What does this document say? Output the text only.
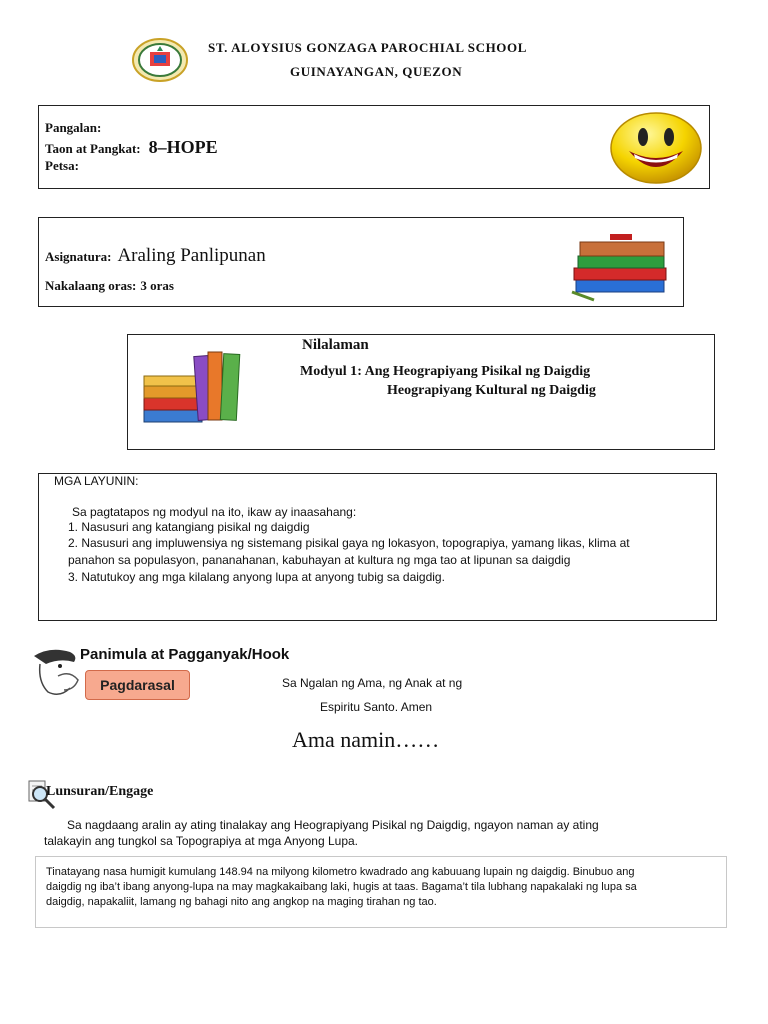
ST. ALOYSIUS GONZAGA PAROCHIAL SCHOOL
GUINAYANGAN, QUEZON
Pangalan:
Taon at Pangkat: 8–HOPE
Petsa:
Asignatura: Araling Panlipunan
Nakalaang oras: 3 oras
Nilalaman
Modyul 1: Ang Heograpiyang Pisikal ng Daigdig
Heograpiyang Kultural ng Daigdig
MGA LAYUNIN:
Sa pagtatapos ng modyul na ito, ikaw ay inaasahang:
1. Nasusuri ang katangiang pisikal ng daigdig
2. Nasusuri ang impluwensiya ng sistemang pisikal gaya ng lokasyon, topograpiya, yamang likas, klima at
panahon sa populasyon, pananahanan, kabuhayan at kultura ng mga tao at lipunan sa daigdig
3. Natutukoy ang mga kilalang anyong lupa at anyong tubig sa daigdig.
Panimula at Pagganyak/Hook
Pagdarasal	Sa Ngalan ng Ama, ng Anak at ng
Espiritu Santo. Amen
Ama namin……
Lunsuran/Engage
Sa nagdaang aralin ay ating tinalakay ang Heograpiyang Pisikal ng Daigdig, ngayon naman ay ating
talakayin ang tungkol sa Topograpiya at mga Anyong Lupa.
Tinatayang nasa humigit kumulang 148.94 na milyong kilometro kwadrado ang kabuuang lupain ng daigdig. Binubuo ang
daigdig ng iba’t ibang anyong-lupa na may magkakaibang laki, hugis at taas. Bagama’t tila lubhang napakalaki ng lupa sa
daigdig, napakaliit, lamang ng bahagi nito ang angkop na maging tirahan ng tao.
